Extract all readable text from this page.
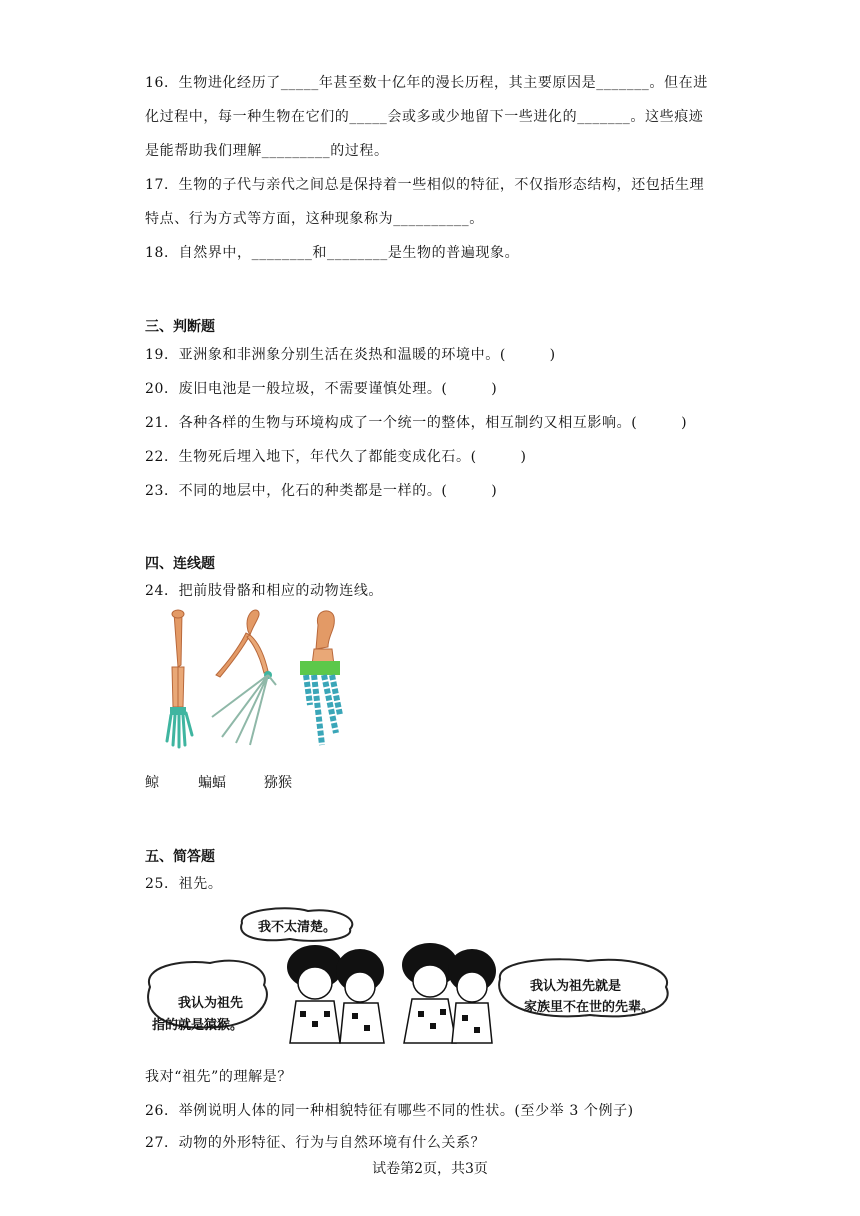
16．生物进化经历了_____年甚至数十亿年的漫长历程，其主要原因是_______。但在进
化过程中，每一种生物在它们的_____会或多或少地留下一些进化的_______。这些痕迹
是能帮助我们理解_________的过程。
17．生物的子代与亲代之间总是保持着一些相似的特征，不仅指形态结构，还包括生理
特点、行为方式等方面，这种现象称为__________。
18．自然界中，________和________是生物的普遍现象。
三、判断题
19．亚洲象和非洲象分别生活在炎热和温暖的环境中。(　　　)
20．废旧电池是一般垃圾，不需要谨慎处理。(　　　)
21．各种各样的生物与环境构成了一个统一的整体，相互制约又相互影响。(　　　)
22．生物死后埋入地下，年代久了都能变成化石。(　　　)
23．不同的地层中，化石的种类都是一样的。(　　　)
四、连线题
24．把前肢骨骼和相应的动物连线。
鲸	蝙蝠	猕猴
五、简答题
25．祖先。
我不太清楚。
我认为祖先
指的就是猿猴。
我认为祖先就是
家族里不在世的先辈。
我对“祖先”的理解是？
26．举例说明人体的同一种相貌特征有哪些不同的性状。(至少举 3 个例子)
27．动物的外形特征、行为与自然环境有什么关系？
试卷第2页，共3页
